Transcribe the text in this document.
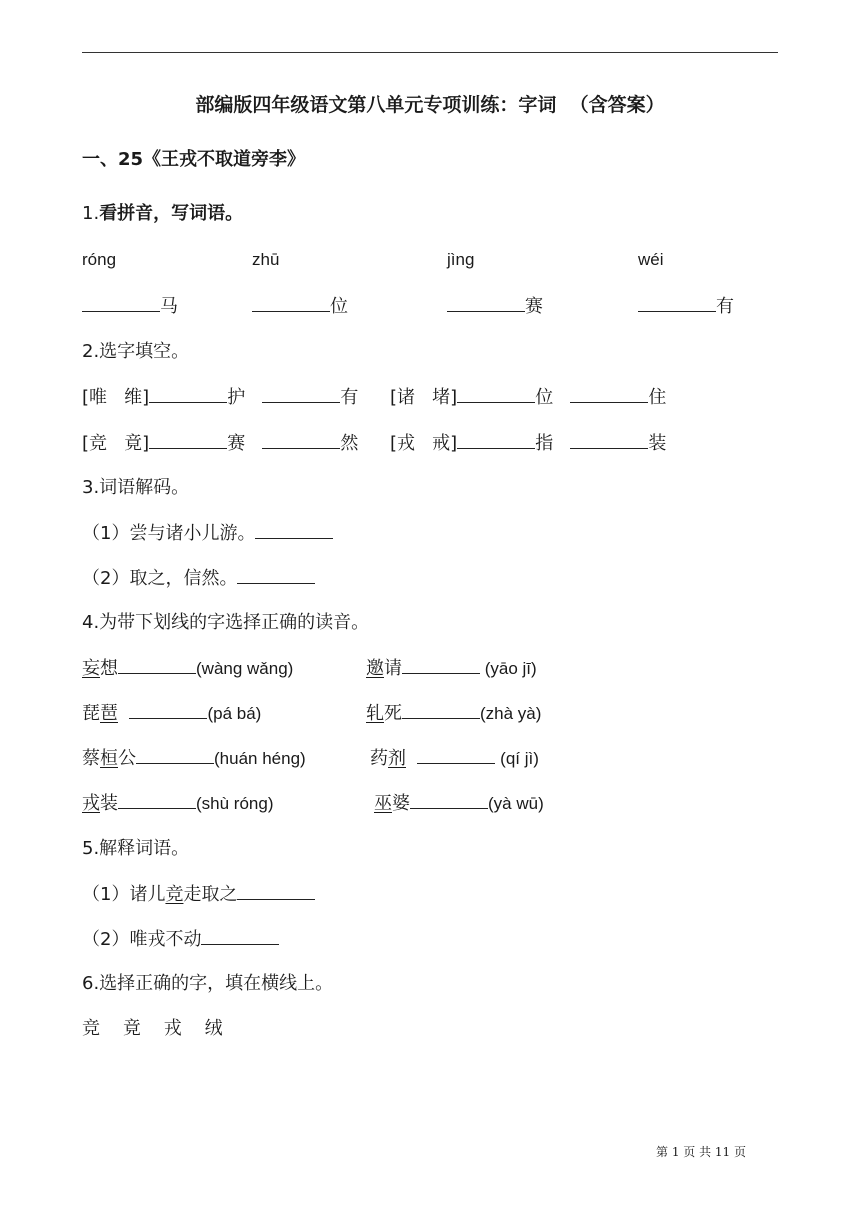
部编版四年级语文第八单元专项训练：字词  （含答案）
一、25《王戎不取道旁李》
1.看拼音，写词语。
róng	zhū	jìng	wéi
马	位	赛	有
2.选字填空。
[唯   维]	护	有 [诸   堵]	位	住
[竞   竟]	赛	然 [戎   戒]	指	装
3.词语解码。
（1）尝与诸小儿游。
（2）取之，信然。
4.为带下划线的字选择正确的读音。
妄想	(wàng wǎng)	邀请	(yāo jī)
琵琶	(pá bá)	轧死	(zhà yà)
蔡桓公	(huán héng)	药剂	(qí jì)
戎装	(shù róng)	巫婆	(yà wū)
5.解释词语。
（1）诸儿竞走取之
（2）唯戎不动
6.选择正确的字，填在横线上。
竞    竟    戎    绒
第 1 页 共 11 页
